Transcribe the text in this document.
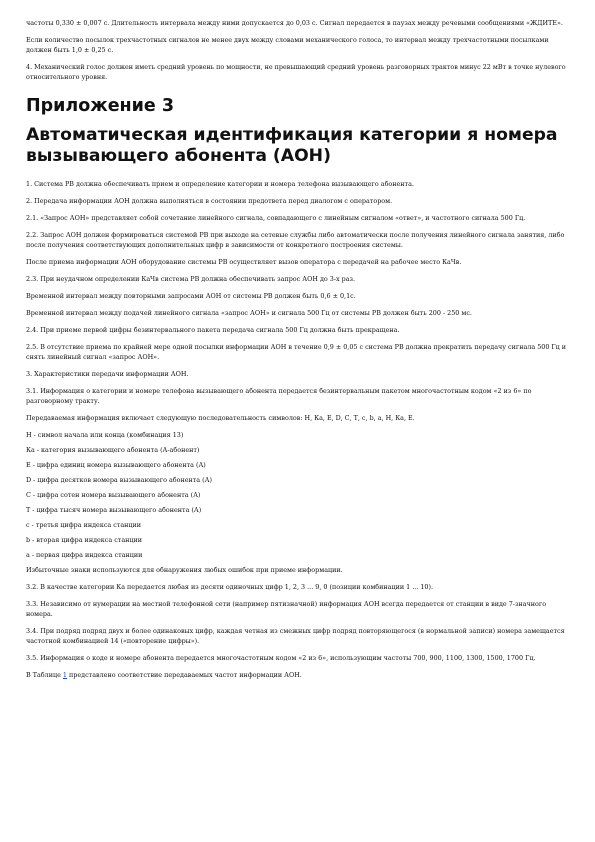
частоты 0,330 ± 0,007 с. Длительность интервала между ними допускается до 0,03 с. Сигнал передается в паузах между речевыми сообщениями «ЖДИТЕ».

Если количество посылок трехчастотных сигналов не менее двух между словами механического голоса, то интервал между трехчастотными посылками должен быть 1,0 ± 0,25 с.

4. Механический голос должен иметь средний уровень по мощности, не превышающий средний уровень разговорных трактов минус 22 мВт в точке нулевого относительного уровня.

Приложение 3
Автоматическая идентификация категории я номера вызывающего абонента (АОН)

1. Система РВ должна обеспечивать прием и определение категории и номера телефона вызывающего абонента.

2. Передача информации АОН должна выполняться в состоянии предответа перед диалогом с оператором.

2.1. «Запрос АОН» представляет собой сочетание линейного сигнала, совпадающего с линейным сигналом «ответ», и частотного сигнала 500 Гц.

2.2. Запрос АОН должен формироваться системой РВ при выходе на сетевые службы либо автоматически после получения линейного сигнала занятия, либо после получения соответствующих дополнительных цифр в зависимости от конкретного построения системы.

После приема информации АОН оборудование системы РВ осуществляет вызов оператора с передачей на рабочее место КаЧв.

2.3. При неудачном определении КаЧв система РВ должна обеспечивать запрос АОН до 3-х раз.

Временной интервал между повторными запросами АОН от системы РВ должен быть 0,6 ± 0,1с.

Временной интервал между подачей линейного сигнала «запрос АОН» и сигнала 500 Гц от системы РВ должен быть 200 - 250 мс.

2.4. При приеме первой цифры безинтервального пакета передача сигнала 500 Гц должна быть прекращена.

2.5. В отсутствие приема по крайней мере одной посылки информации АОН в течение 0,9 ± 0,05 с система РВ должна прекратить передачу сигнала 500 Гц и снять линейный сигнал «запрос АОН».

3. Характеристики передачи информации АОН.

3.1. Информация о категории и номере телефона вызывающего абонента передается безинтервальным пакетом многочастотным кодом «2 из 6» по разговорному тракту.

Передаваемая информация включает следующую последовательность символов: Н, Ка, Е, D, С, Т, с, b, а, Н, Ка, Е.

Н - символ начала или конца (комбинация 13)

Ка - категория вызывающего абонента (А-абонент)

Е - цифра единиц номера вызывающего абонента (А)

D - цифра десятков номера вызывающего абонента (А)

С - цифра сотен номера вызывающего абонента (А)

Т - цифра тысяч номера вызывающего абонента (А)

с - третья цифра индекса станции

b - вторая цифра индекса станции

а - первая цифра индекса станции

Избыточные знаки используются для обнаружения любых ошибок при приеме информации.

3.2. В качестве категории Ка передается любая из десяти одиночных цифр 1, 2, 3 ... 9, 0 (позиции комбинации 1 ... 10).

3.3. Независимо от нумерации на местной телефонной сети (например пятизначной) информация АОН всегда передается от станции в виде 7-значного номера.

3.4. При подряд подряд двух и более одинаковых цифр, каждая четная из смежных цифр подряд повторяющегося (в нормальной записи) номера замещается частотной комбинацией 14 («повторение цифры»).

3.5. Информация о коде и номере абонента передается многочастотным кодом «2 из 6», использующим частоты 700, 900, 1100, 1300, 1500, 1700 Гц.

В Таблице 1 представлено соответствие передаваемых частот информации АОН.
